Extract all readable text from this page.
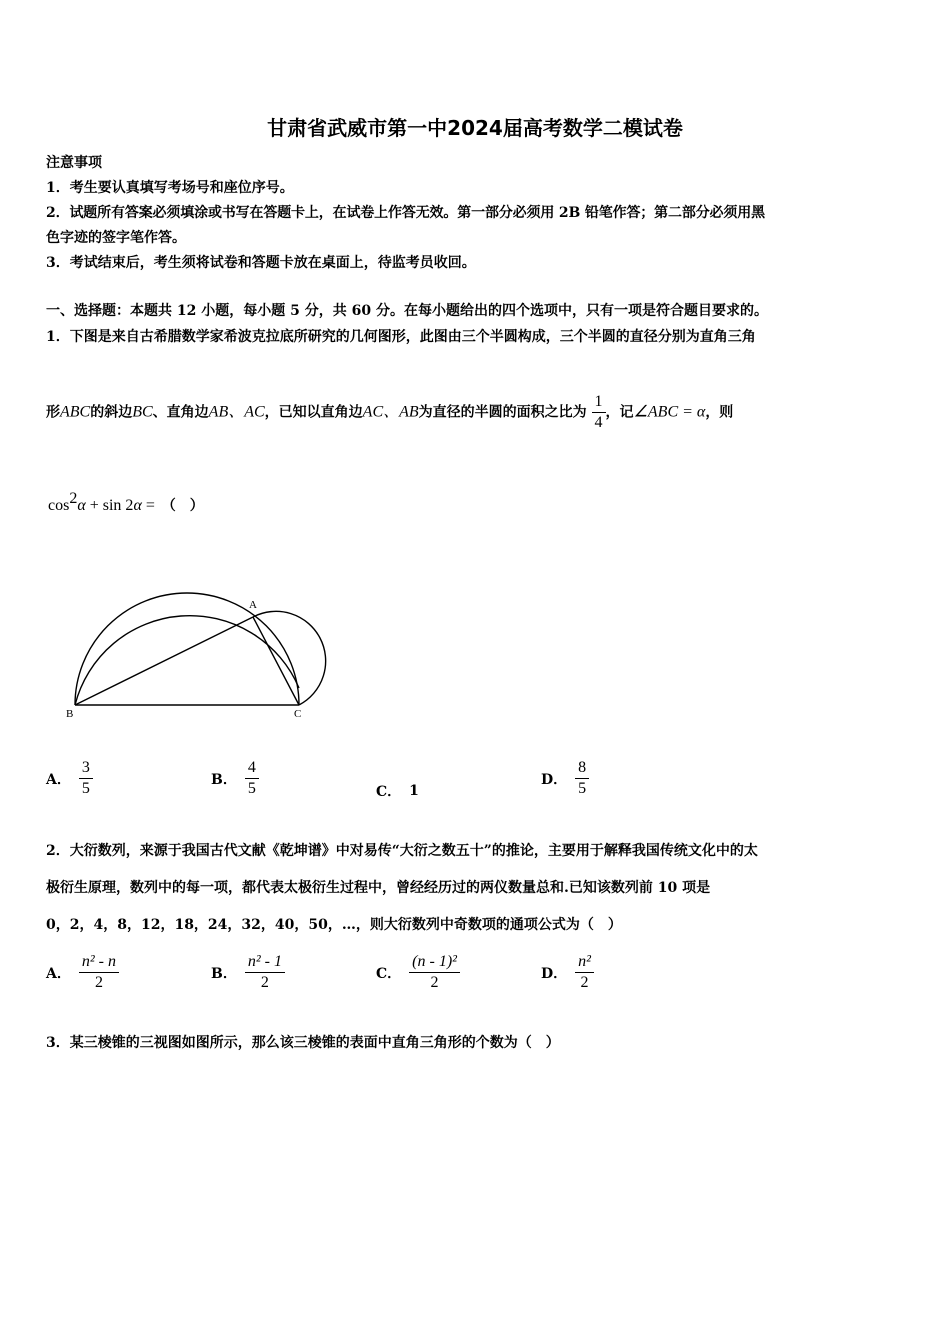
甘肃省武威市第一中2024届高考数学二模试卷
注意事项
1．考生要认真填写考场号和座位序号。
2．试题所有答案必须填涂或书写在答题卡上，在试卷上作答无效。第一部分必须用 2B 铅笔作答；第二部分必须用黑
色字迹的签字笔作答。
3．考试结束后，考生须将试卷和答题卡放在桌面上，待监考员收回。
一、选择题：本题共 12 小题，每小题 5 分，共 60 分。在每小题给出的四个选项中，只有一项是符合题目要求的。
1．下图是来自古希腊数学家希波克拉底所研究的几何图形，此图由三个半圆构成，三个半圆的直径分别为直角三角
形ABC的斜边BC、直角边AB、AC，已知以直角边AC、AB为直径的半圆的面积之比为 $\frac{1}{4}$ ，记∠ABC = α，则
$\cos^2\alpha + \sin 2\alpha$ = （　）
A
B	C
A． $\frac{3}{5}$	B． $\frac{4}{5}$	C． 1
D． $\frac{8}{5}$
2．大衍数列，来源于我国古代文献《乾坤谱》中对易传“大衍之数五十”的推论，主要用于解释我国传统文化中的太
极衍生原理，数列中的每一项，都代表太极衍生过程中，曾经经历过的两仪数量总和.已知该数列前 10 项是
0，2，4，8，12，18，24，32，40，50，…，则大衍数列中奇数项的通项公式为（　）
A． $\frac{\text{n² - n}}{2}$	B． $\frac{\text{n² - 1}}{2}$	C． $\frac{\text{(n - 1)²}}{2}$	D． $\frac{\text{n²}}{2}$
3．某三棱锥的三视图如图所示，那么该三棱锥的表面中直角三角形的个数为（　）
